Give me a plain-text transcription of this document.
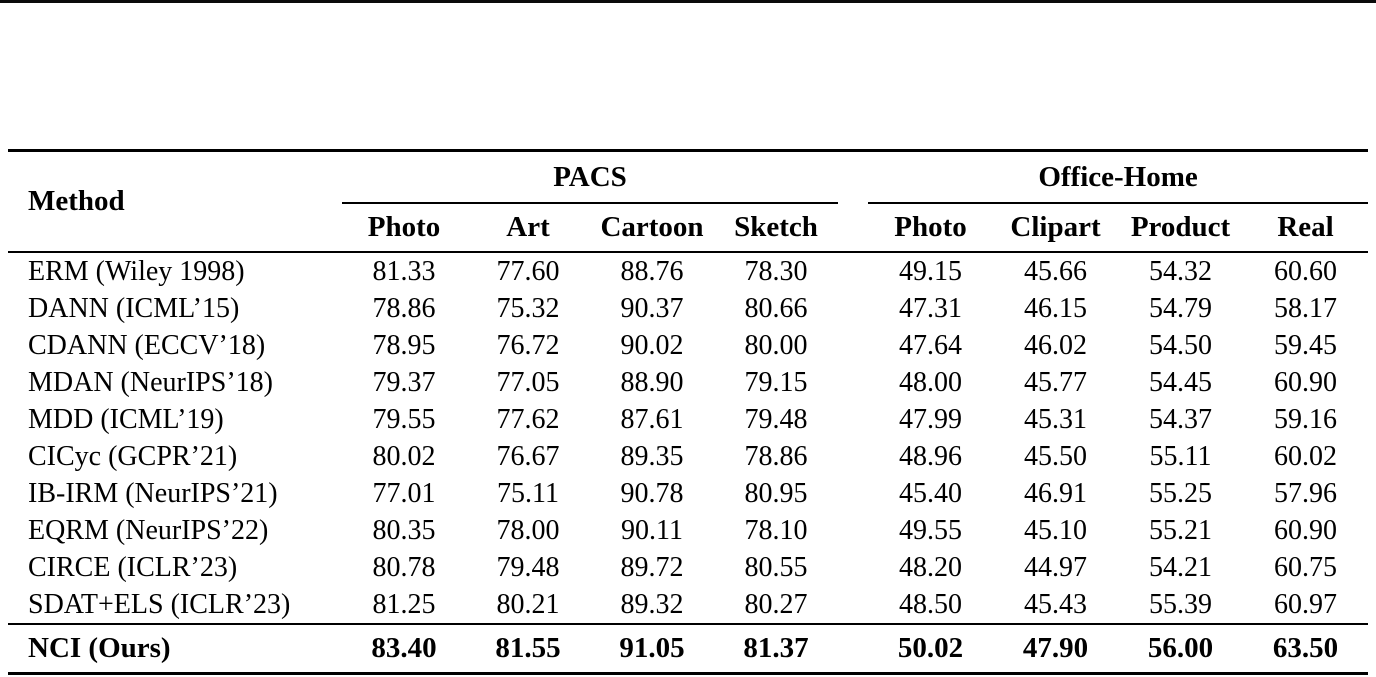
Method	PACS					Office-Home			
	Photo	Art	Cartoon	Sketch		Photo	Clipart	Product	Real
ERM (Wiley 1998)	81.33	77.60	88.76	78.30		49.15	45.66	54.32	60.60
DANN (ICML’15)	78.86	75.32	90.37	80.66		47.31	46.15	54.79	58.17
CDANN (ECCV’18)	78.95	76.72	90.02	80.00		47.64	46.02	54.50	59.45
MDAN (NeurIPS’18)	79.37	77.05	88.90	79.15		48.00	45.77	54.45	60.90
MDD (ICML’19)	79.55	77.62	87.61	79.48		47.99	45.31	54.37	59.16
CICyc (GCPR’21)	80.02	76.67	89.35	78.86		48.96	45.50	55.11	60.02
IB-IRM (NeurIPS’21)	77.01	75.11	90.78	80.95		45.40	46.91	55.25	57.96
EQRM (NeurIPS’22)	80.35	78.00	90.11	78.10		49.55	45.10	55.21	60.90
CIRCE (ICLR’23)	80.78	79.48	89.72	80.55		48.20	44.97	54.21	60.75
SDAT+ELS (ICLR’23)	81.25	80.21	89.32	80.27		48.50	45.43	55.39	60.97
NCI (Ours)	83.40	81.55	91.05	81.37		50.02	47.90	56.00	63.50
